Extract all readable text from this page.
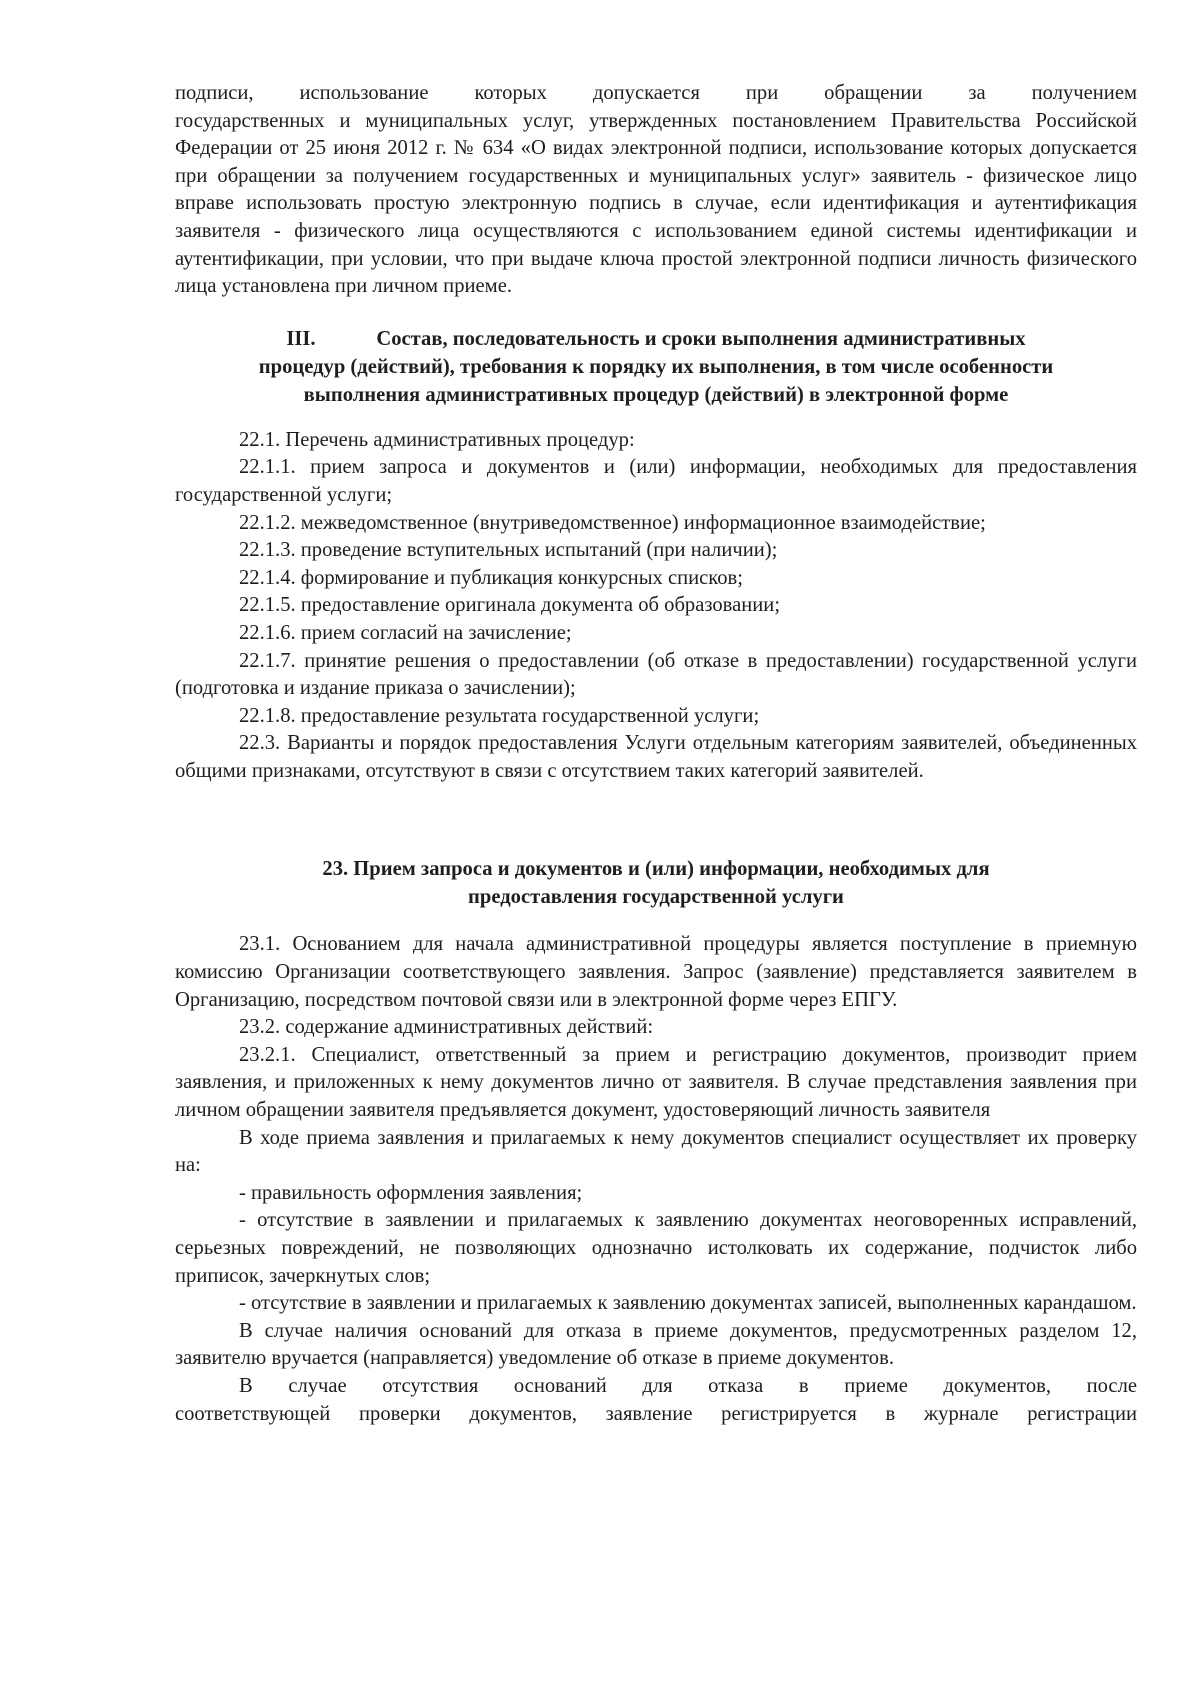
подписи, использование которых допускается при обращении за получением

государственных и муниципальных услуг, утвержденных постановлением Правительства Российской Федерации от 25 июня 2012 г. № 634 «О видах электронной подписи, использование которых допускается при обращении за получением государственных и муниципальных услуг» заявитель - физическое лицо вправе использовать простую электронную подпись в случае, если идентификация и аутентификация заявителя - физического лица осуществляются с использованием единой системы идентификации и аутентификации, при условии, что при выдаче ключа простой электронной подписи личность физического лица установлена при личном приеме.

III.	Состав, последовательность и сроки выполнения административных
процедур (действий), требования к порядку их выполнения, в том числе особенности
выполнения административных процедур (действий) в электронной форме

22.1. Перечень административных процедур:

22.1.1. прием запроса и документов и (или) информации, необходимых для предоставления государственной услуги;

22.1.2. межведомственное (внутриведомственное) информационное взаимодействие;

22.1.3. проведение вступительных испытаний (при наличии);

22.1.4. формирование и публикация конкурсных списков;

22.1.5. предоставление оригинала документа об образовании;

22.1.6. прием согласий на зачисление;

22.1.7. принятие решения о предоставлении (об отказе в предоставлении) государственной услуги (подготовка и издание приказа о зачислении);

22.1.8. предоставление результата государственной услуги;

22.3. Варианты и порядок предоставления Услуги отдельным категориям заявителей, объединенных общими признаками, отсутствуют в связи с отсутствием таких категорий заявителей.

23. Прием запроса и документов и (или) информации, необходимых для
предоставления государственной услуги

23.1. Основанием для начала административной процедуры является поступление в приемную комиссию Организации соответствующего заявления. Запрос (заявление) представляется заявителем в Организацию, посредством почтовой связи или в электронной форме через ЕПГУ.

23.2. содержание административных действий:

23.2.1. Специалист, ответственный за прием и регистрацию документов, производит прием заявления, и приложенных к нему документов лично от заявителя. В случае представления заявления при личном обращении заявителя предъявляется документ, удостоверяющий личность заявителя

В ходе приема заявления и прилагаемых к нему документов специалист осуществляет их проверку на:

- правильность оформления заявления;

- отсутствие в заявлении и прилагаемых к заявлению документах неоговоренных исправлений, серьезных повреждений, не позволяющих однозначно истолковать их содержание, подчисток либо приписок, зачеркнутых слов;

- отсутствие в заявлении и прилагаемых к заявлению документах записей, выполненных карандашом.

В случае наличия оснований для отказа в приеме документов, предусмотренных разделом 12, заявителю вручается (направляется) уведомление об отказе в приеме документов.

В случае отсутствия оснований для отказа в приеме документов, после

соответствующей проверки документов, заявление регистрируется в журнале регистрации
